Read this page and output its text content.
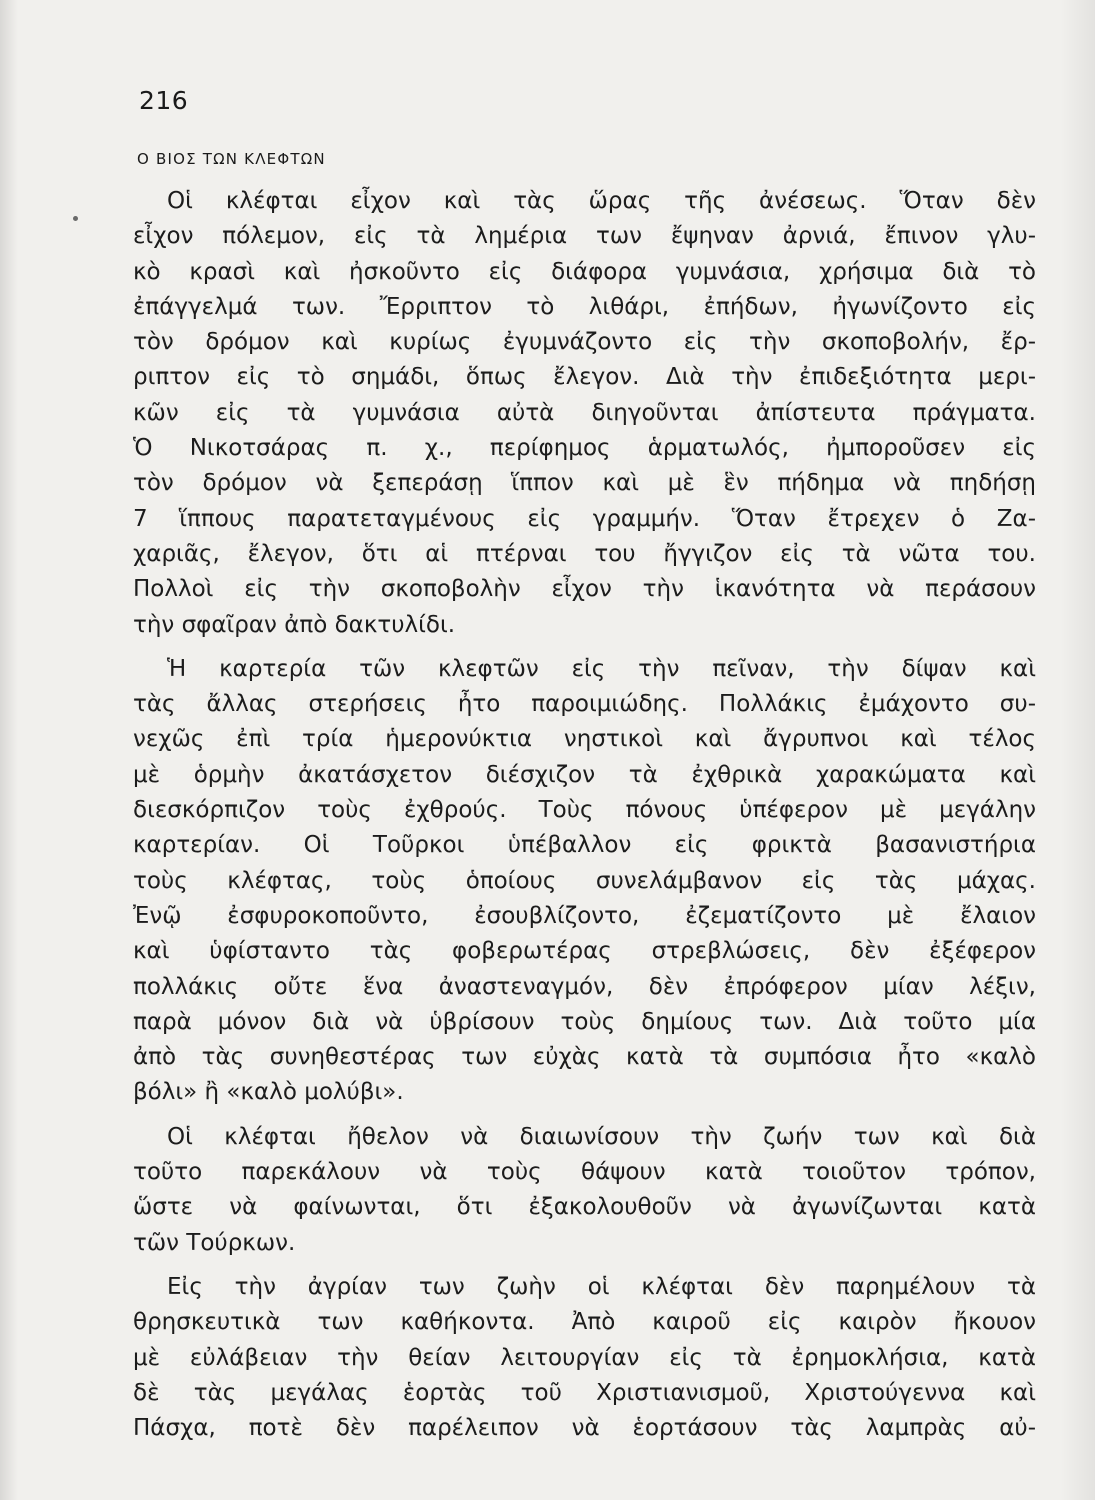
216
Ο ΒΙΟΣ ΤΩΝ ΚΛΕΦΤΩΝ
Οἱ κλέφται εἶχον καὶ τὰς ὥρας τῆς ἀνέσεως. Ὅταν δὲν
εἶχον πόλεμον, εἰς τὰ λημέρια των ἔψηναν ἀρνιά, ἔπινον γλυ-
κὸ κρασὶ καὶ ἠσκοῦντο εἰς διάφορα γυμνάσια, χρήσιμα διὰ τὸ
ἐπάγγελμά των. Ἔρριπτον τὸ λιθάρι, ἐπήδων, ἠγωνίζοντο εἰς
τὸν δρόμον καὶ κυρίως ἐγυμνάζοντο εἰς τὴν σκοποβολήν, ἔρ-
ριπτον εἰς τὸ σημάδι, ὅπως ἔλεγον. Διὰ τὴν ἐπιδεξιότητα μερι-
κῶν εἰς τὰ γυμνάσια αὐτὰ διηγοῦνται ἀπίστευτα πράγματα.
Ὁ Νικοτσάρας π. χ., περίφημος ἁρματωλός, ἠμποροῦσεν εἰς
τὸν δρόμον νὰ ξεπεράσῃ ἵππον καὶ μὲ ἓν πήδημα νὰ πηδήσῃ
7 ἵππους παρατεταγμένους εἰς γραμμήν. Ὅταν ἔτρεχεν ὁ Ζα-
χαριᾶς, ἔλεγον, ὅτι αἱ πτέρναι του ἤγγιζον εἰς τὰ νῶτα του.
Πολλοὶ εἰς τὴν σκοποβολὴν εἶχον τὴν ἱκανότητα νὰ περάσουν
τὴν σφαῖραν ἀπὸ δακτυλίδι.
Ἡ καρτερία τῶν κλεφτῶν εἰς τὴν πεῖναν, τὴν δίψαν καὶ
τὰς ἄλλας στερήσεις ἦτο παροιμιώδης. Πολλάκις ἐμάχοντο συ-
νεχῶς ἐπὶ τρία ἡμερονύκτια νηστικοὶ καὶ ἄγρυπνοι καὶ τέλος
μὲ ὁρμὴν ἀκατάσχετον διέσχιζον τὰ ἐχθρικὰ χαρακώματα καὶ
διεσκόρπιζον τοὺς ἐχθρούς. Τοὺς πόνους ὑπέφερον μὲ μεγάλην
καρτερίαν. Οἱ Τοῦρκοι ὑπέβαλλον εἰς φρικτὰ βασανιστήρια
τοὺς κλέφτας, τοὺς ὁποίους συνελάμβανον εἰς τὰς μάχας.
Ἐνῷ ἐσφυροκοποῦντο, ἐσουβλίζοντο, ἐζεματίζοντο μὲ ἔλαιον
καὶ ὑφίσταντο τὰς φοβερωτέρας στρεβλώσεις, δὲν ἐξέφερον
πολλάκις οὔτε ἕνα ἀναστεναγμόν, δὲν ἐπρόφερον μίαν λέξιν,
παρὰ μόνον διὰ νὰ ὑβρίσουν τοὺς δημίους των. Διὰ τοῦτο μία
ἀπὸ τὰς συνηθεστέρας των εὐχὰς κατὰ τὰ συμπόσια ἦτο «καλὸ
βόλι» ἢ «καλὸ μολύβι».
Οἱ κλέφται ἤθελον νὰ διαιωνίσουν τὴν ζωήν των καὶ διὰ
τοῦτο παρεκάλουν νὰ τοὺς θάψουν κατὰ τοιοῦτον τρόπον,
ὥστε νὰ φαίνωνται, ὅτι ἐξακολουθοῦν νὰ ἀγωνίζωνται κατὰ
τῶν Τούρκων.
Εἰς τὴν ἀγρίαν των ζωὴν οἱ κλέφται δὲν παρημέλουν τὰ
θρησκευτικὰ των καθήκοντα. Ἀπὸ καιροῦ εἰς καιρὸν ἤκουον
μὲ εὐλάβειαν τὴν θείαν λειτουργίαν εἰς τὰ ἐρημοκλήσια, κατὰ
δὲ τὰς μεγάλας ἑορτὰς τοῦ Χριστιανισμοῦ, Χριστούγεννα καὶ
Πάσχα, ποτὲ δὲν παρέλειπον νὰ ἑορτάσουν τὰς λαμπρὰς αὐ-
